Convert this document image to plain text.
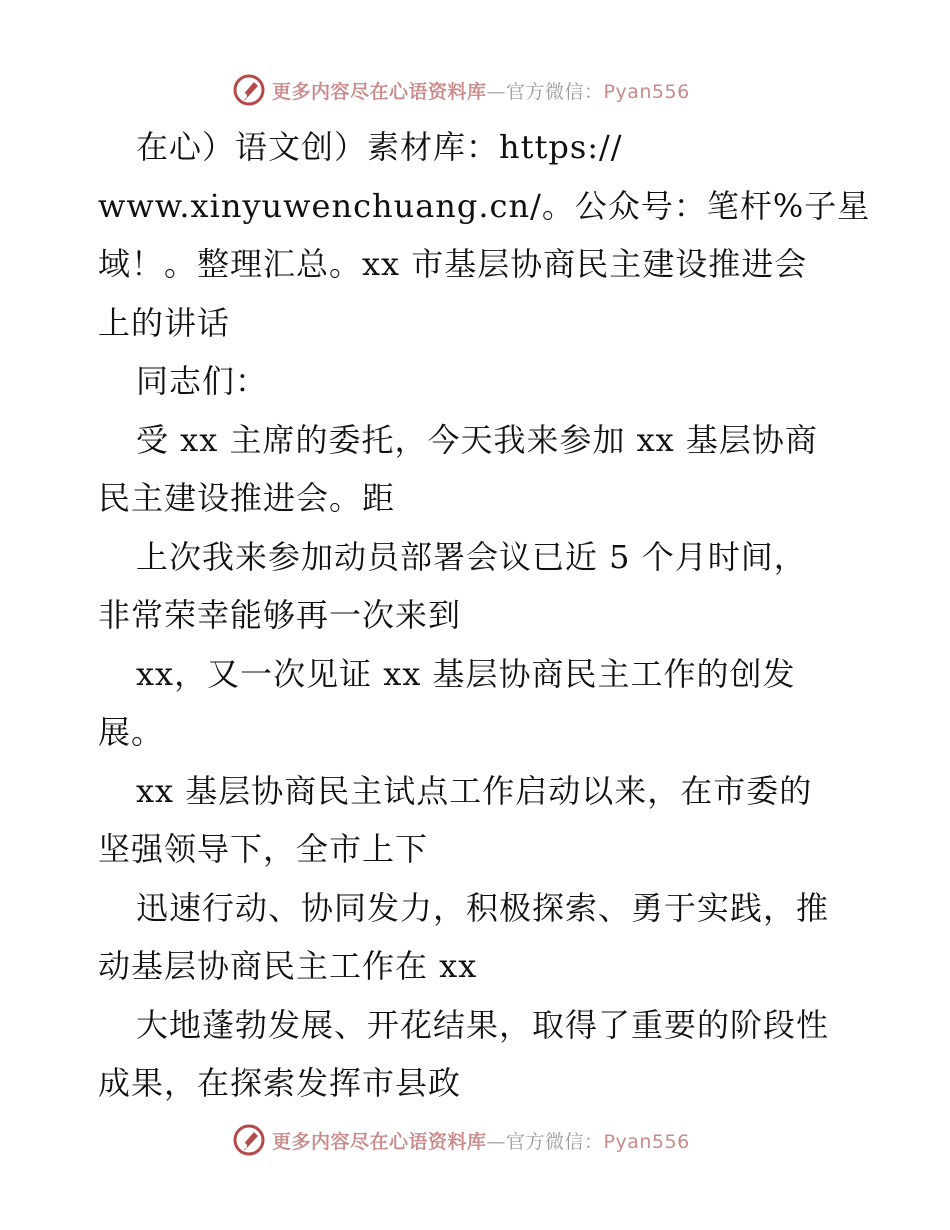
更多内容尽在心语资料库—官方微信：Pyan556
在心）语文创）素材库：https://
www.xinyuwenchuang.cn/。公众号：笔杆%子星
域！。整理汇总。xx 市基层协商民主建设推进会
上的讲话
同志们：
受 xx 主席的委托，今天我来参加 xx 基层协商
民主建设推进会。距
上次我来参加动员部署会议已近 5 个月时间，
非常荣幸能够再一次来到
xx，又一次见证 xx 基层协商民主工作的创发
展。
xx 基层协商民主试点工作启动以来，在市委的
坚强领导下，全市上下
迅速行动、协同发力，积极探索、勇于实践，推
动基层协商民主工作在 xx
大地蓬勃发展、开花结果，取得了重要的阶段性
成果，在探索发挥市县政
更多内容尽在心语资料库—官方微信：Pyan556
